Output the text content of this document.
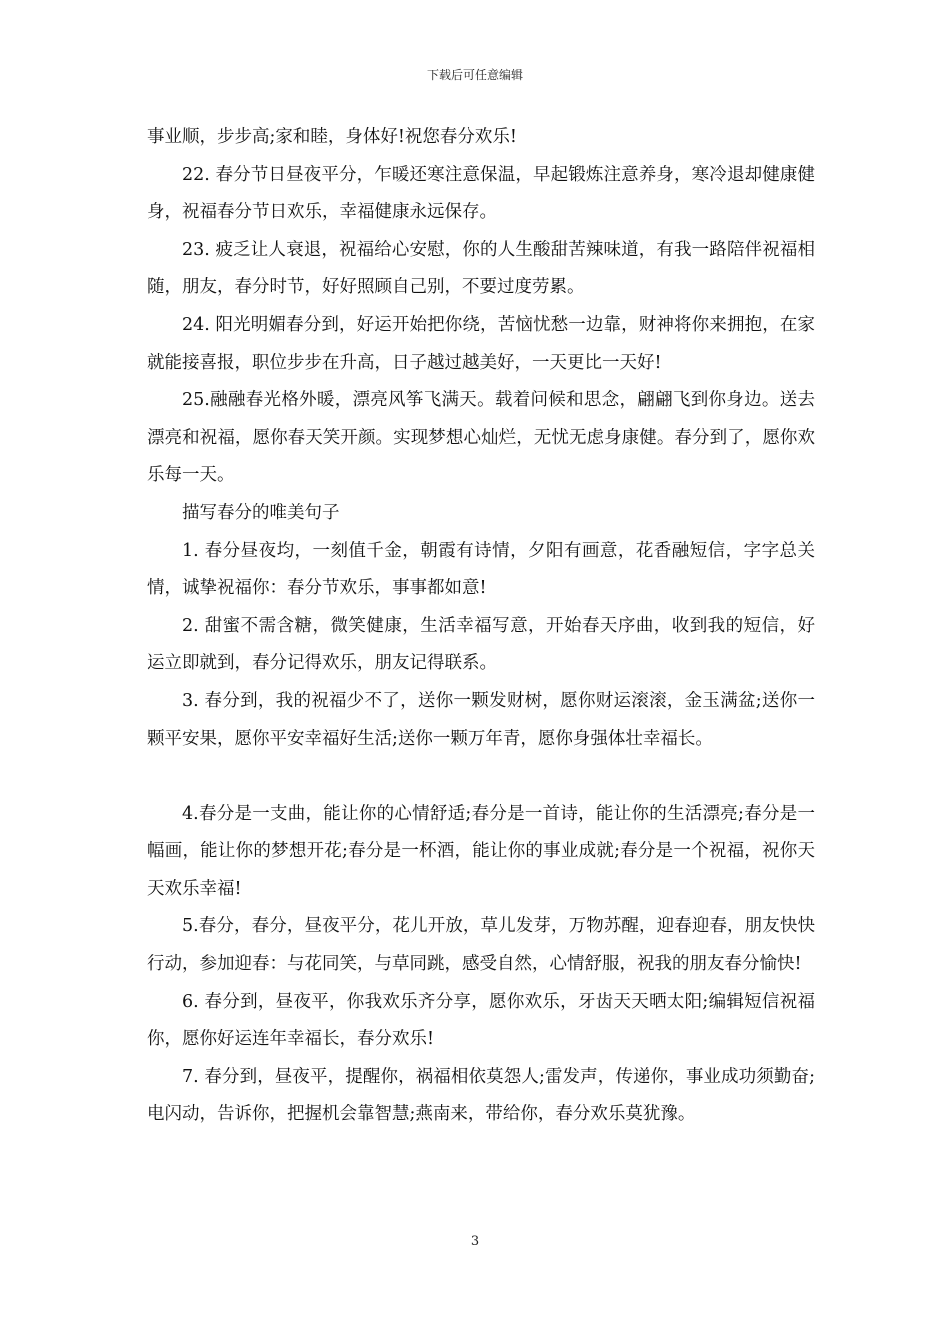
下载后可任意编辑

事业顺，步步高;家和睦，身体好!祝您春分欢乐!

22. 春分节日昼夜平分，乍暖还寒注意保温，早起锻炼注意养身，寒冷退却健康健身，祝福春分节日欢乐，幸福健康永远保存。

23. 疲乏让人衰退，祝福给心安慰，你的人生酸甜苦辣味道，有我一路陪伴祝福相随，朋友，春分时节，好好照顾自己别，不要过度劳累。

24. 阳光明媚春分到，好运开始把你绕，苦恼忧愁一边靠，财神将你来拥抱，在家就能接喜报，职位步步在升高，日子越过越美好，一天更比一天好!

25.融融春光格外暖，漂亮风筝飞满天。载着问候和思念，翩翩飞到你身边。送去漂亮和祝福，愿你春天笑开颜。实现梦想心灿烂，无忧无虑身康健。春分到了，愿你欢乐每一天。

描写春分的唯美句子

1. 春分昼夜均，一刻值千金，朝霞有诗情，夕阳有画意，花香融短信，字字总关情，诚挚祝福你：春分节欢乐，事事都如意!

2. 甜蜜不需含糖，微笑健康，生活幸福写意，开始春天序曲，收到我的短信，好运立即就到，春分记得欢乐，朋友记得联系。

3. 春分到，我的祝福少不了，送你一颗发财树，愿你财运滚滚，金玉满盆;送你一颗平安果，愿你平安幸福好生活;送你一颗万年青，愿你身强体壮幸福长。

4.春分是一支曲，能让你的心情舒适;春分是一首诗，能让你的生活漂亮;春分是一幅画，能让你的梦想开花;春分是一杯酒，能让你的事业成就;春分是一个祝福，祝你天天欢乐幸福!

5.春分，春分，昼夜平分，花儿开放，草儿发芽，万物苏醒，迎春迎春，朋友快快行动，参加迎春：与花同笑，与草同跳，感受自然，心情舒服，祝我的朋友春分愉快!

6. 春分到，昼夜平，你我欢乐齐分享，愿你欢乐，牙齿天天晒太阳;编辑短信祝福你，愿你好运连年幸福长，春分欢乐!

7. 春分到，昼夜平，提醒你，祸福相依莫怨人;雷发声，传递你，事业成功须勤奋;电闪动，告诉你，把握机会靠智慧;燕南来，带给你，春分欢乐莫犹豫。

3
